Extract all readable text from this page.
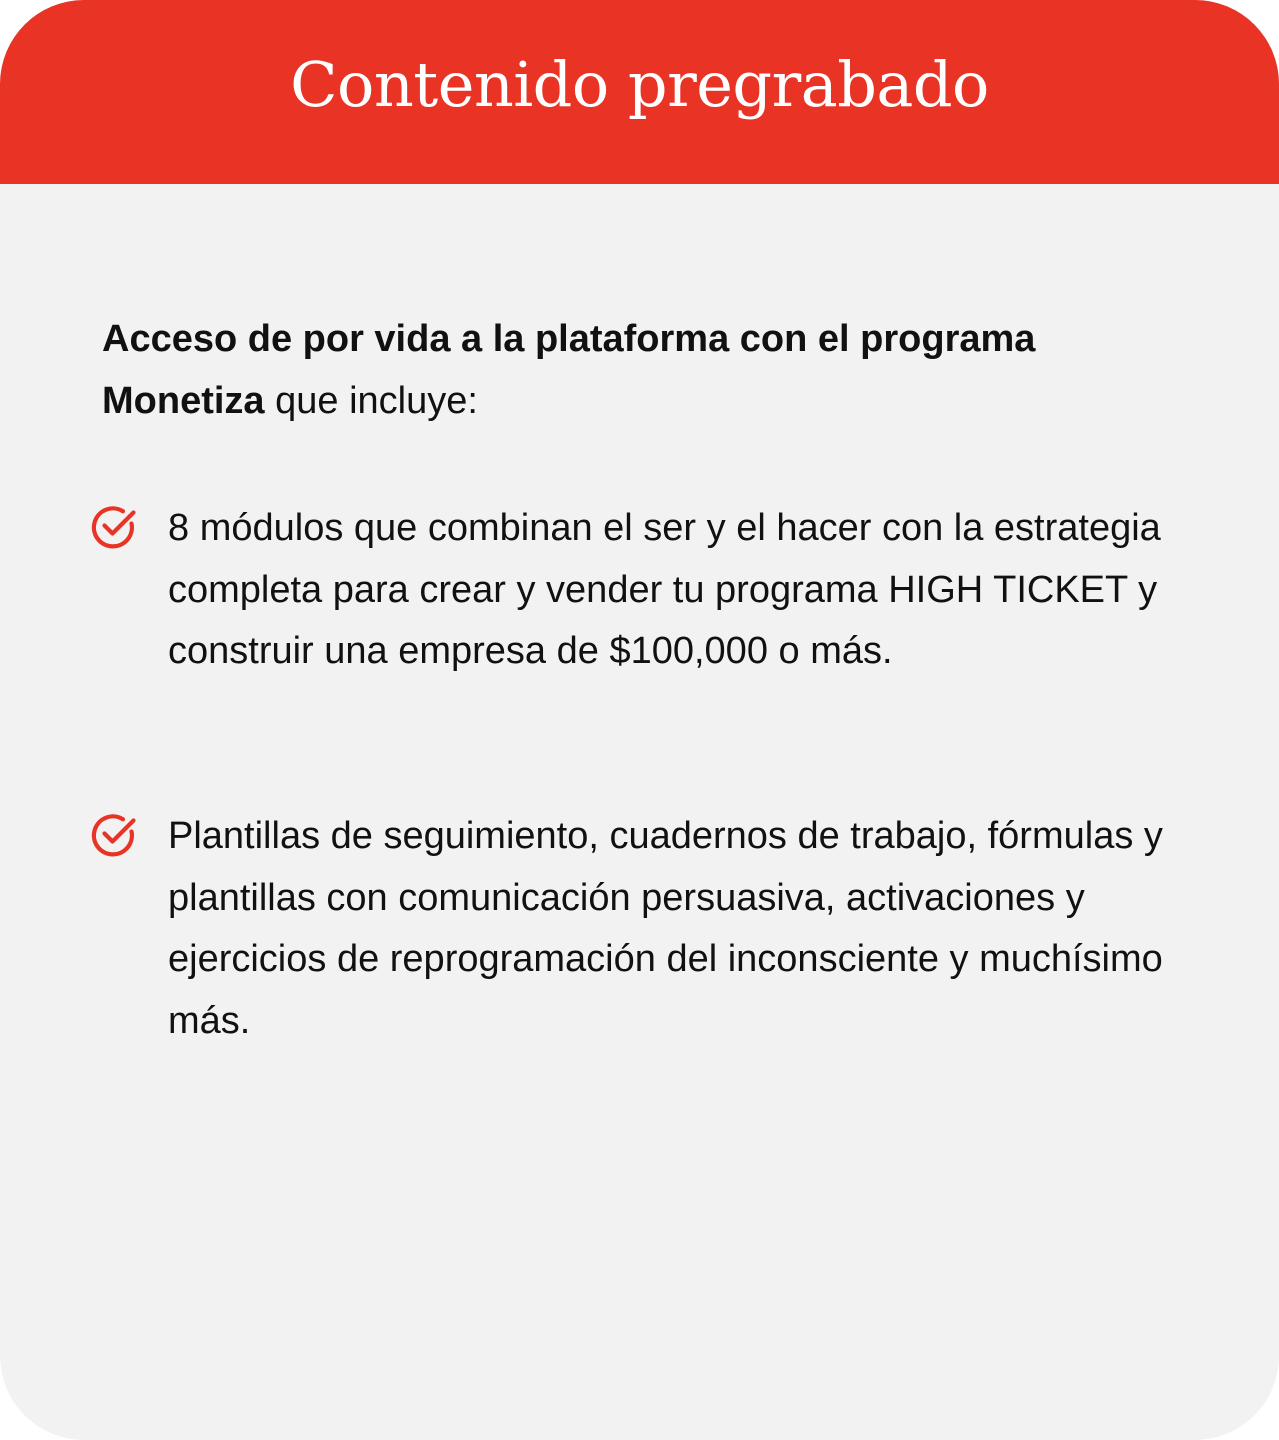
Contenido pregrabado

Acceso de por vida a la plataforma con el programa Monetiza que incluye:

8 módulos que combinan el ser y el hacer con la estrategia completa para crear y vender tu programa HIGH TICKET y construir una empresa de $100,000 o más.

Plantillas de seguimiento, cuadernos de trabajo, fórmulas y plantillas con comunicación persuasiva, activaciones y ejercicios de reprogramación del inconsciente y muchísimo más.
